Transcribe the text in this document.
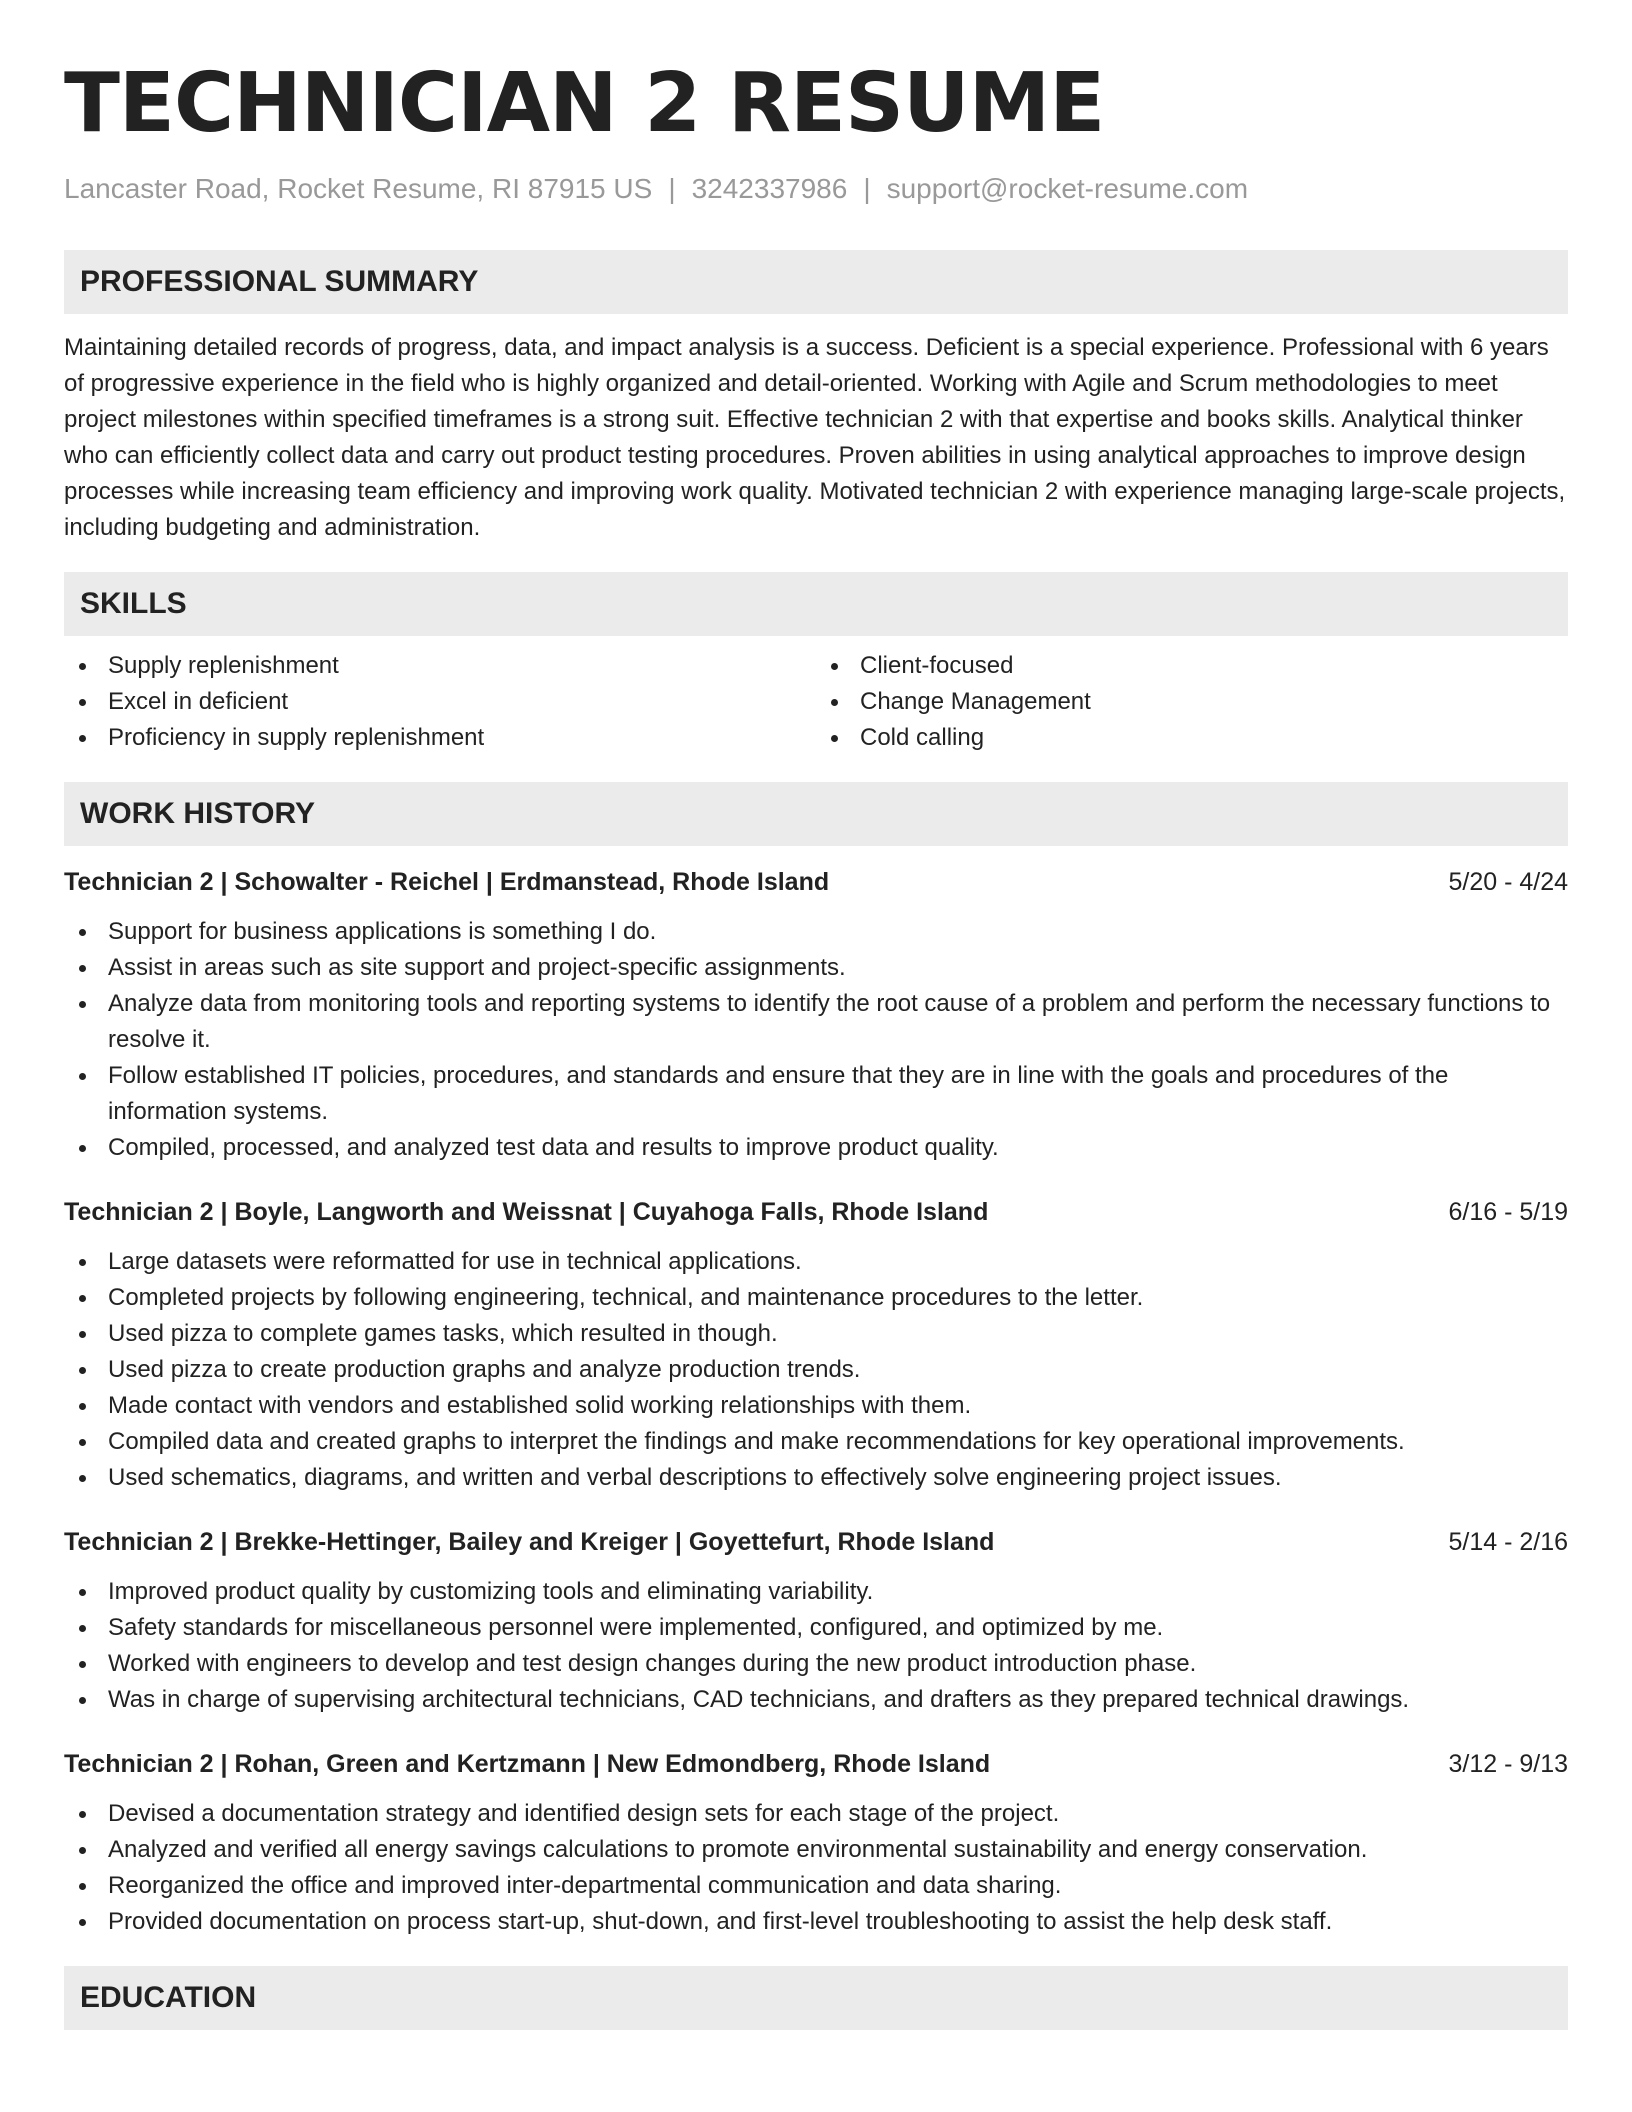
TECHNICIAN 2 RESUME
Lancaster Road, Rocket Resume, RI 87915 US | 3242337986 | support@rocket-resume.com
PROFESSIONAL SUMMARY

Maintaining detailed records of progress, data, and impact analysis is a success. Deficient is a special experience. Professional with 6 years of progressive experience in the field who is highly organized and detail-oriented. Working with Agile and Scrum methodologies to meet project milestones within specified timeframes is a strong suit. Effective technician 2 with that expertise and books skills. Analytical thinker who can efficiently collect data and carry out product testing procedures. Proven abilities in using analytical approaches to improve design processes while increasing team efficiency and improving work quality. Motivated technician 2 with experience managing large-scale projects, including budgeting and administration.

SKILLS
Supply replenishment
Excel in deficient
Proficiency in supply replenishment
Client-focused
Change Management
Cold calling
WORK HISTORY
Technician 2 | Schowalter - Reichel | Erdmanstead, Rhode Island	5/20 - 4/24
Support for business applications is something I do.
Assist in areas such as site support and project-specific assignments.
Analyze data from monitoring tools and reporting systems to identify the root cause of a problem and perform the necessary functions to resolve it.
Follow established IT policies, procedures, and standards and ensure that they are in line with the goals and procedures of the information systems.
Compiled, processed, and analyzed test data and results to improve product quality.
Technician 2 | Boyle, Langworth and Weissnat | Cuyahoga Falls, Rhode Island	6/16 - 5/19
Large datasets were reformatted for use in technical applications.
Completed projects by following engineering, technical, and maintenance procedures to the letter.
Used pizza to complete games tasks, which resulted in though.
Used pizza to create production graphs and analyze production trends.
Made contact with vendors and established solid working relationships with them.
Compiled data and created graphs to interpret the findings and make recommendations for key operational improvements.
Used schematics, diagrams, and written and verbal descriptions to effectively solve engineering project issues.
Technician 2 | Brekke-Hettinger, Bailey and Kreiger | Goyettefurt, Rhode Island	5/14 - 2/16
Improved product quality by customizing tools and eliminating variability.
Safety standards for miscellaneous personnel were implemented, configured, and optimized by me.
Worked with engineers to develop and test design changes during the new product introduction phase.
Was in charge of supervising architectural technicians, CAD technicians, and drafters as they prepared technical drawings.
Technician 2 | Rohan, Green and Kertzmann | New Edmondberg, Rhode Island	3/12 - 9/13
Devised a documentation strategy and identified design sets for each stage of the project.
Analyzed and verified all energy savings calculations to promote environmental sustainability and energy conservation.
Reorganized the office and improved inter-departmental communication and data sharing.
Provided documentation on process start-up, shut-down, and first-level troubleshooting to assist the help desk staff.
EDUCATION
